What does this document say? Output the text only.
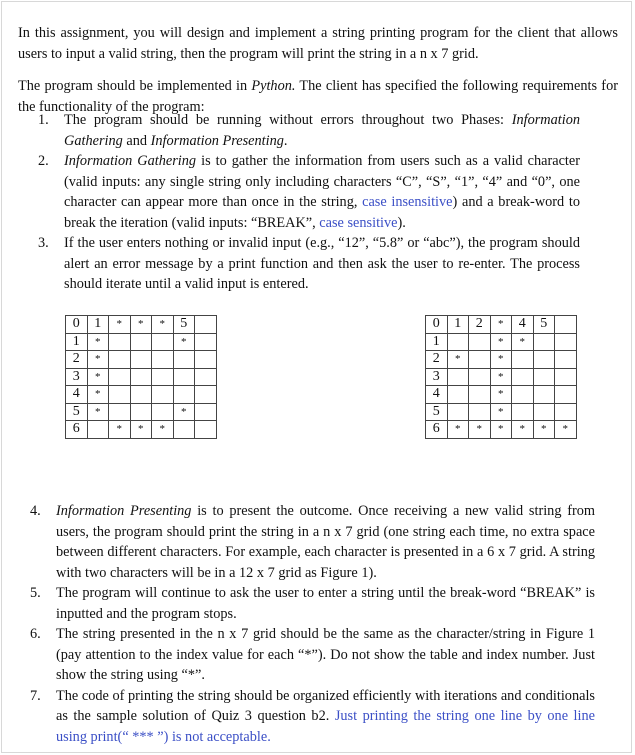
In this assignment, you will design and implement a string printing program for the client that allows users to input a valid string, then the program will print the string in a n x 7 grid.

The program should be implemented in Python. The client has specified the following requirements for the functionality of the program:

1. The program should be running without errors throughout two Phases: Information Gathering and Information Presenting.
2. Information Gathering is to gather the information from users such as a valid character (valid inputs: any single string only including characters “C”, “S”, “1”, “4” and “0”, one character can appear more than once in the string, case insensitive) and a break-word to break the iteration (valid inputs: “BREAK”, case sensitive).
3. If the user enters nothing or invalid input (e.g., “12”, “5.8” or “abc”), the program should alert an error message by a print function and then ask the user to re-enter. The process should iterate until a valid input is entered.
0	1	*	*	*	5	
1	*				*	
2	*					
3	*					
4	*					
5	*				*	
6		*	*	*		
0	1	2	*	4	5	
1			*	*		
2	*		*			
3			*			
4			*			
5			*			
6	*	*	*	*	*	*
4. Information Presenting is to present the outcome. Once receiving a new valid string from users, the program should print the string in a n x 7 grid (one string each time, no extra space between different characters. For example, each character is presented in a 6 x 7 grid. A string with two characters will be in a 12 x 7 grid as Figure 1).
5. The program will continue to ask the user to enter a string until the break-word “BREAK” is inputted and the program stops.
6. The string presented in the n x 7 grid should be the same as the character/string in Figure 1 (pay attention to the index value for each “*”). Do not show the table and index number. Just show the string using “*”.
7. The code of printing the string should be organized efficiently with iterations and conditionals as the sample solution of Quiz 3 question b2. Just printing the string one line by one line using print(“ *** ”) is not acceptable.
